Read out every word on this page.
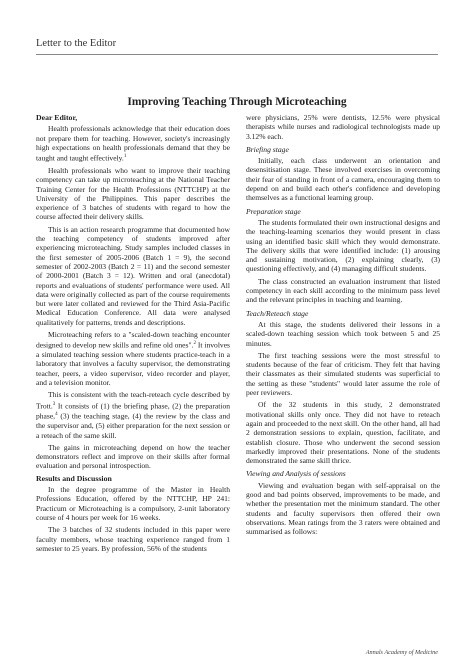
Letter to the Editor
Improving Teaching Through Microteaching
Dear Editor,

Health professionals acknowledge that their education does not prepare them for teaching. However, society's increasingly high expectations on health professionals demand that they be taught and taught effectively.$^1$

Health professionals who want to improve their teaching competency can take up microteaching at the National Teacher Training Center for the Health Professions (NTTCHP) at the University of the Philippines. This paper describes the experience of 3 batches of students with regard to how the course affected their delivery skills.

This is an action research programme that documented how the teaching competency of students improved after experiencing microteaching. Study samples included classes in the first semester of 2005-2006 (Batch 1 = 9), the second semester of 2002-2003 (Batch 2 = 11) and the second semester of 2000-2001 (Batch 3 = 12). Written and oral (anecdotal) reports and evaluations of students' performance were used. All data were originally collected as part of the course requirements but were later collated and reviewed for the Third Asia-Pacific Medical Education Conference. All data were analysed qualitatively for patterns, trends and descriptions.

Microteaching refers to a "scaled-down teaching encounter designed to develop new skills and refine old ones".$^2$ It involves a simulated teaching session where students practice-teach in a laboratory that involves a faculty supervisor, the demonstrating teacher, peers, a video supervisor, video recorder and player, and a television monitor.

This is consistent with the teach-reteach cycle described by Trott.$^3$ It consists of (1) the briefing phase, (2) the preparation phase,$^4$ (3) the teaching stage, (4) the review by the class and the supervisor and, (5) either preparation for the next session or a reteach of the same skill.

The gains in microteaching depend on how the teacher demonstrators reflect and improve on their skills after formal evaluation and personal introspection.

Results and Discussion

In the degree programme of the Master in Health Professions Education, offered by the NTTCHP, HP 241: Practicum or Microteaching is a compulsory, 2-unit laboratory course of 4 hours per week for 16 weeks.

The 3 batches of 32 students included in this paper were faculty members, whose teaching experience ranged from 1 semester to 25 years. By profession, 56% of the students

were physicians, 25% were dentists, 12.5% were physical therapists while nurses and radiological technologists made up 3.12% each.

Briefing stage

Initially, each class underwent an orientation and desensitisation stage. These involved exercises in overcoming their fear of standing in front of a camera, encouraging them to depend on and build each other's confidence and developing themselves as a functional learning group.

Preparation stage

The students formulated their own instructional designs and the teaching-learning scenarios they would present in class using an identified basic skill which they would demonstrate. The delivery skills that were identified include: (1) arousing and sustaining motivation, (2) explaining clearly, (3) questioning effectively, and (4) managing difficult students.

The class constructed an evaluation instrument that listed competency in each skill according to the minimum pass level and the relevant principles in teaching and learning.

Teach/Reteach stage

At this stage, the students delivered their lessons in a scaled-down teaching session which took between 5 and 25 minutes.

The first teaching sessions were the most stressful to students because of the fear of criticism. They felt that having their classmates as their simulated students was superficial to the setting as these "students" would later assume the role of peer reviewers.

Of the 32 students in this study, 2 demonstrated motivational skills only once. They did not have to reteach again and proceeded to the next skill. On the other hand, all had 2 demonstration sessions to explain, question, facilitate, and establish closure. Those who underwent the second session markedly improved their presentations. None of the students demonstrated the same skill thrice.

Viewing and Analysis of sessions

Viewing and evaluation began with self-appraisal on the good and bad points observed, improvements to be made, and whether the presentation met the minimum standard. The other students and faculty supervisors then offered their own observations. Mean ratings from the 3 raters were obtained and summarised as follows:

Annals Academy of Medicine
